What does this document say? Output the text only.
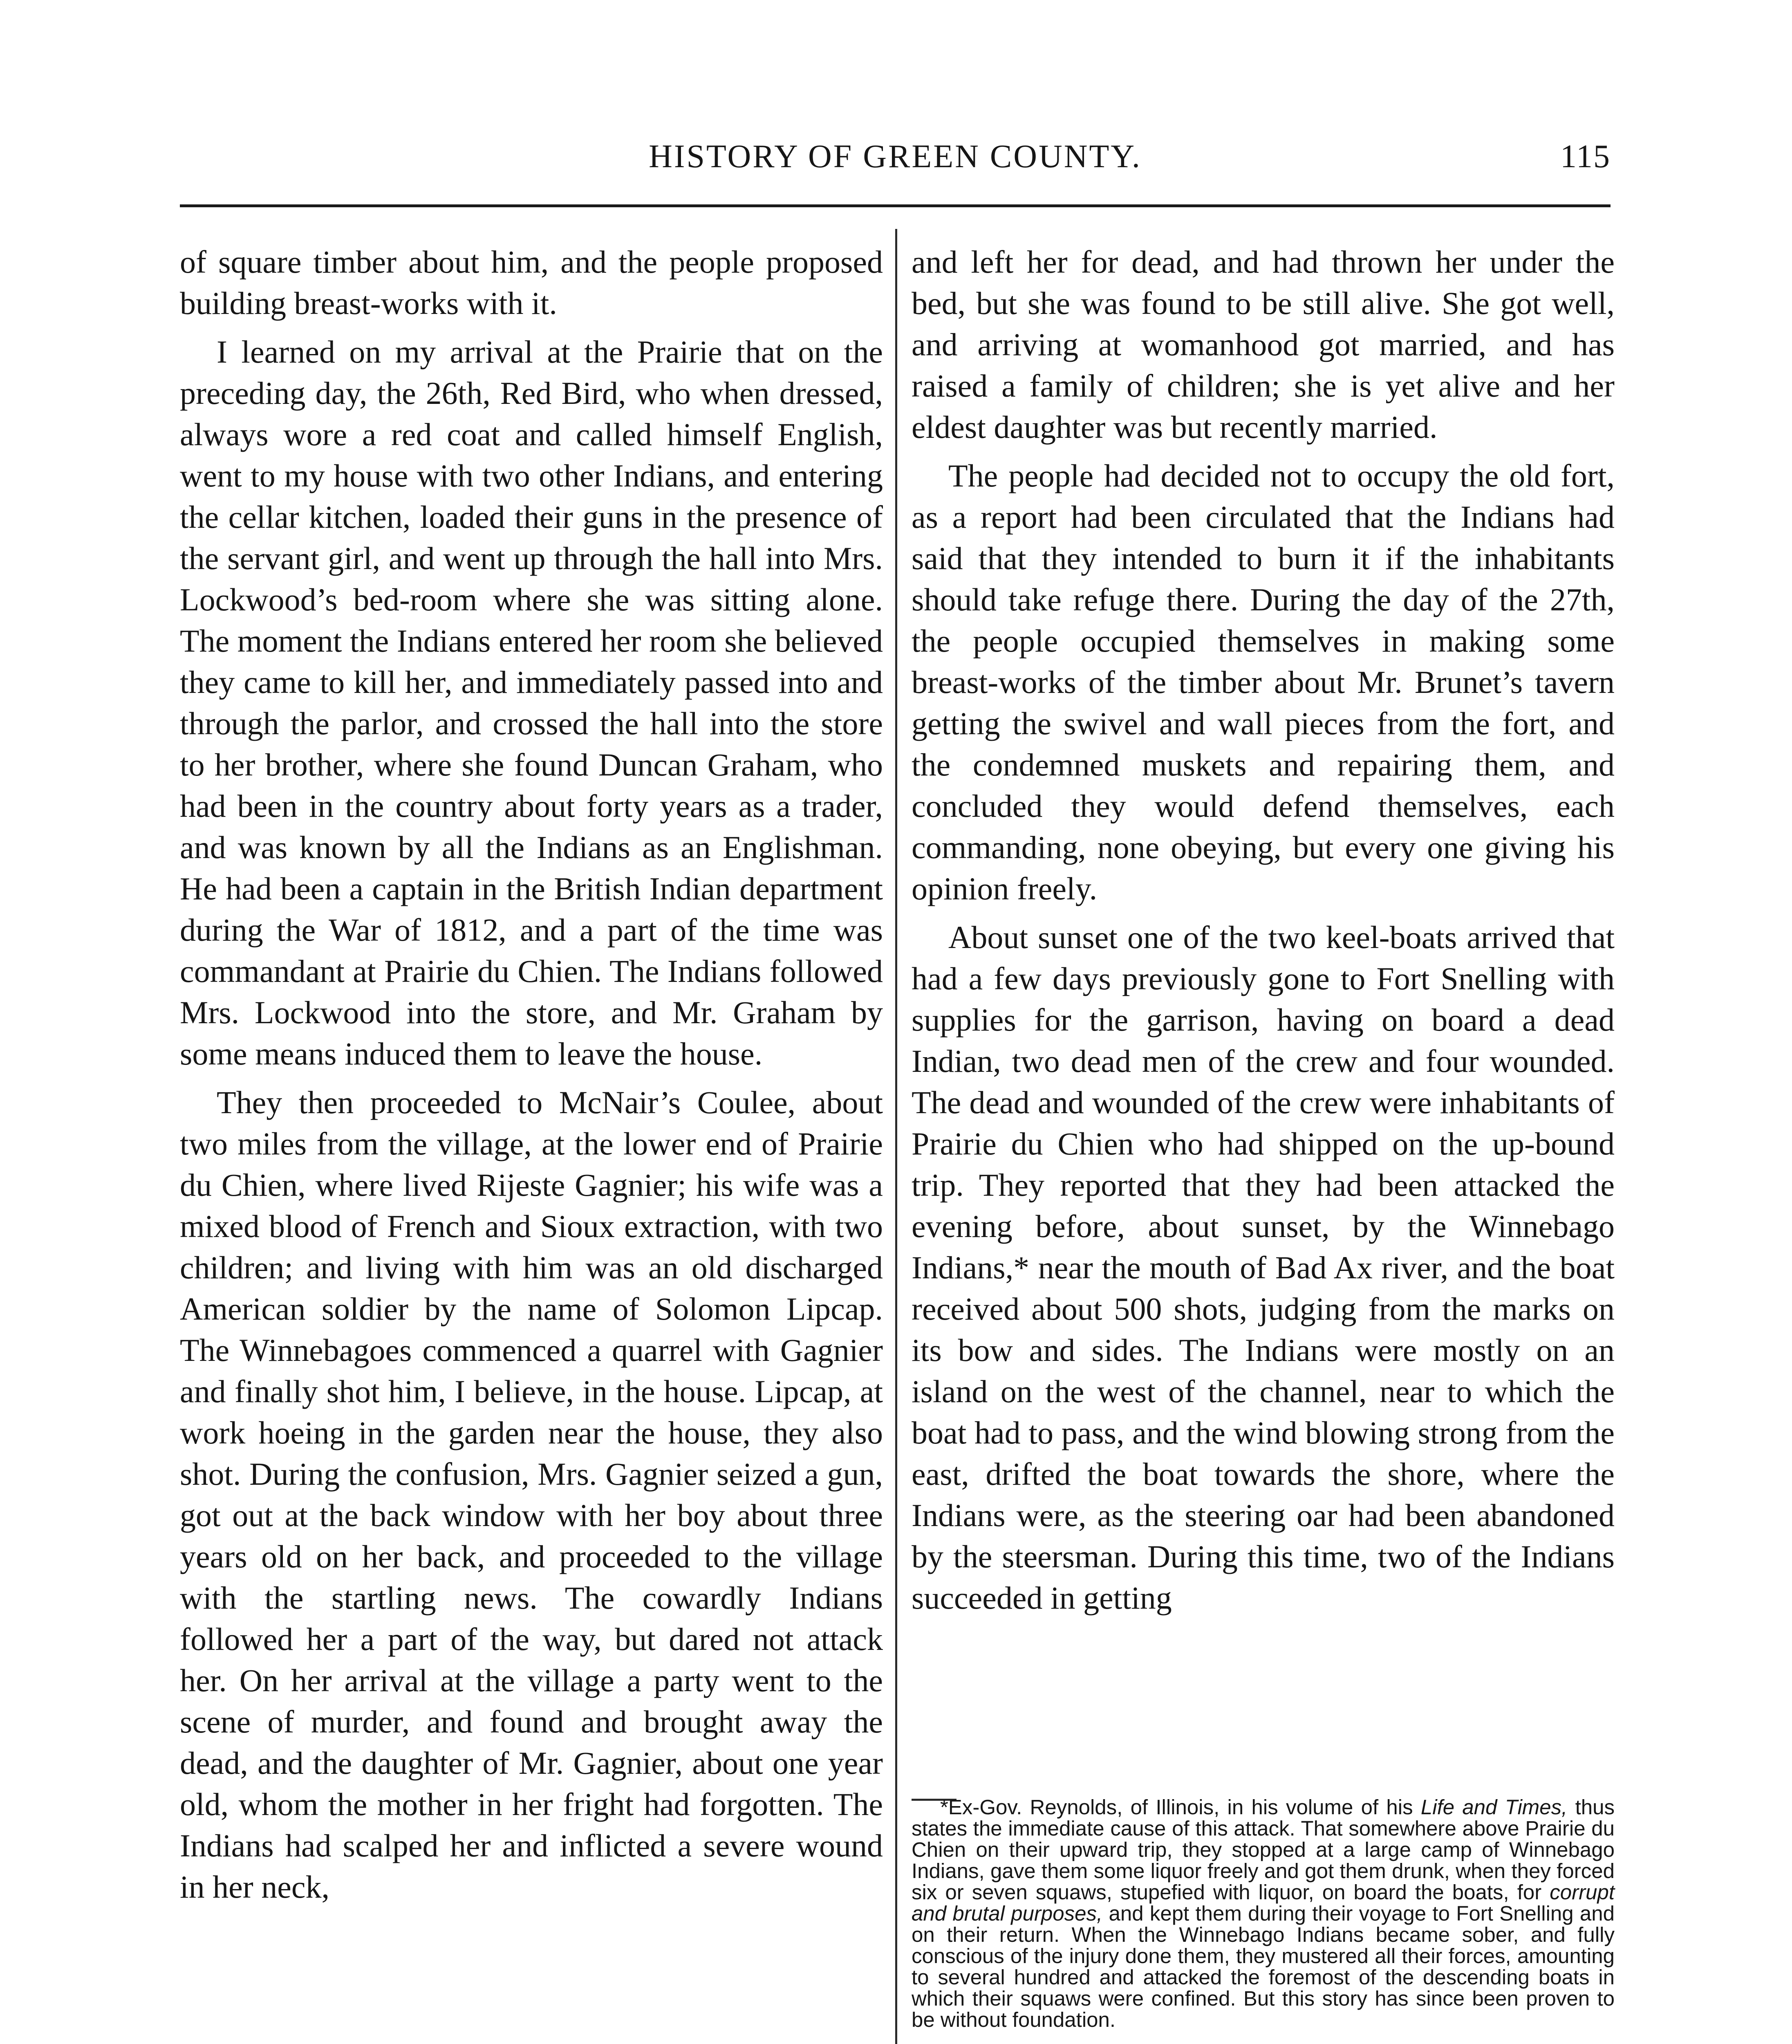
HISTORY OF GREEN COUNTY.	115

of square timber about him, and the people proposed building breast-works with it.

I learned on my arrival at the Prairie that on the preceding day, the 26th, Red Bird, who when dressed, always wore a red coat and called himself English, went to my house with two other Indians, and entering the cellar kitchen, loaded their guns in the presence of the servant girl, and went up through the hall into Mrs. Lockwood’s bed-room where she was sitting alone. The moment the Indians entered her room she believed they came to kill her, and immediately passed into and through the parlor, and crossed the hall into the store to her brother, where she found Duncan Graham, who had been in the country about forty years as a trader, and was known by all the Indians as an Englishman. He had been a captain in the British Indian department during the War of 1812, and a part of the time was commandant at Prairie du Chien. The Indians followed Mrs. Lockwood into the store, and Mr. Graham by some means induced them to leave the house.

They then proceeded to McNair’s Coulee, about two miles from the village, at the lower end of Prairie du Chien, where lived Rijeste Gagnier; his wife was a mixed blood of French and Sioux extraction, with two children; and living with him was an old discharged American soldier by the name of Solomon Lipcap. The Winnebagoes commenced a quarrel with Gagnier and finally shot him, I believe, in the house. Lipcap, at work hoeing in the garden near the house, they also shot. During the confusion, Mrs. Gagnier seized a gun, got out at the back window with her boy about three years old on her back, and proceeded to the village with the startling news. The cowardly Indians followed her a part of the way, but dared not attack her. On her arrival at the village a party went to the scene of murder, and found and brought away the dead, and the daughter of Mr. Gagnier, about one year old, whom the mother in her fright had forgotten. The Indians had scalped her and inflicted a severe wound in her neck,

and left her for dead, and had thrown her under the bed, but she was found to be still alive. She got well, and arriving at womanhood got married, and has raised a family of children; she is yet alive and her eldest daughter was but recently married.

The people had decided not to occupy the old fort, as a report had been circulated that the Indians had said that they intended to burn it if the inhabitants should take refuge there. During the day of the 27th, the people occupied themselves in making some breast-works of the timber about Mr. Brunet’s tavern getting the swivel and wall pieces from the fort, and the condemned muskets and repairing them, and concluded they would defend themselves, each commanding, none obeying, but every one giving his opinion freely.

About sunset one of the two keel-boats arrived that had a few days previously gone to Fort Snelling with supplies for the garrison, having on board a dead Indian, two dead men of the crew and four wounded. The dead and wounded of the crew were inhabitants of Prairie du Chien who had shipped on the up-bound trip. They reported that they had been attacked the evening before, about sunset, by the Winnebago Indians,* near the mouth of Bad Ax river, and the boat received about 500 shots, judging from the marks on its bow and sides. The Indians were mostly on an island on the west of the channel, near to which the boat had to pass, and the wind blowing strong from the east, drifted the boat towards the shore, where the Indians were, as the steering oar had been abandoned by the steersman. During this time, two of the Indians succeeded in getting

*Ex-Gov. Reynolds, of Illinois, in his volume of his Life and Times, thus states the immediate cause of this attack. That somewhere above Prairie du Chien on their upward trip, they stopped at a large camp of Winnebago Indians, gave them some liquor freely and got them drunk, when they forced six or seven squaws, stupefied with liquor, on board the boats, for corrupt and brutal purposes, and kept them during their voyage to Fort Snelling and on their return. When the Winnebago Indians became sober, and fully conscious of the injury done them, they mustered all their forces, amounting to several hundred and attacked the foremost of the descending boats in which their squaws were confined. But this story has since been proven to be without foundation.
